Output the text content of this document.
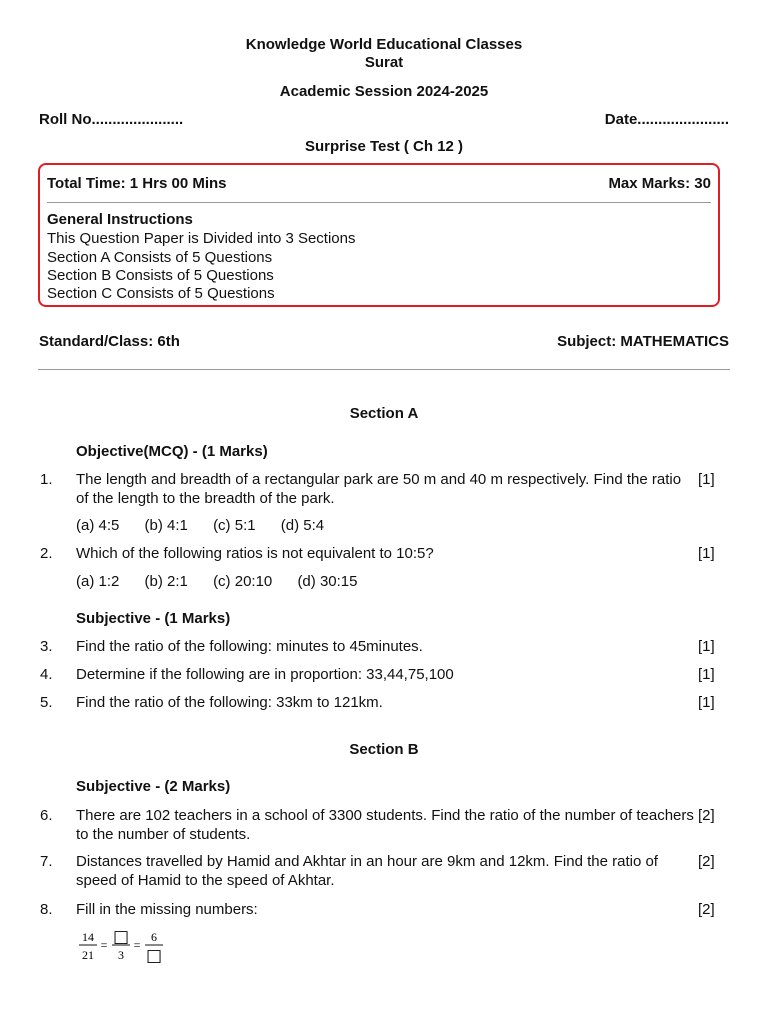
Knowledge World Educational Classes
Surat
Academic Session 2024-2025
Roll No......................	Date......................
Surprise Test ( Ch 12 )
Total Time: 1 Hrs 00 Mins	Max Marks: 30
General Instructions
This Question Paper is Divided into 3 Sections
Section A Consists of 5 Questions
Section B Consists of 5 Questions
Section C Consists of 5 Questions
Standard/Class: 6th	Subject: MATHEMATICS
Section A
Objective(MCQ) - (1 Marks)
1. The length and breadth of a rectangular park are 50 m and 40 m respectively. Find the ratio of the length to the breadth of the park.
[1]
(a) 4:5 (b) 4:1 (c) 5:1 (d) 5:4
2. Which of the following ratios is not equivalent to 10:5?	[1]
(a) 1:2 (b) 2:1 (c) 20:10 (d) 30:15
Subjective - (1 Marks)
3. Find the ratio of the following: minutes to 45minutes.	[1]
4. Determine if the following are in proportion: 33,44,75,100	[1]
5. Find the ratio of the following: 33km to 121km.	[1]
Section B
Subjective - (2 Marks)
6. There are 102 teachers in a school of 3300 students. Find the ratio of the number of teachers to the number of students.
[2]
7. Distances travelled by Hamid and Akhtar in an hour are 9km and 12km. Find the ratio of speed of Hamid to the speed of Akhtar.
[2]
8. Fill in the missing numbers:	[2]
14
21
= □
3
=
6
□
